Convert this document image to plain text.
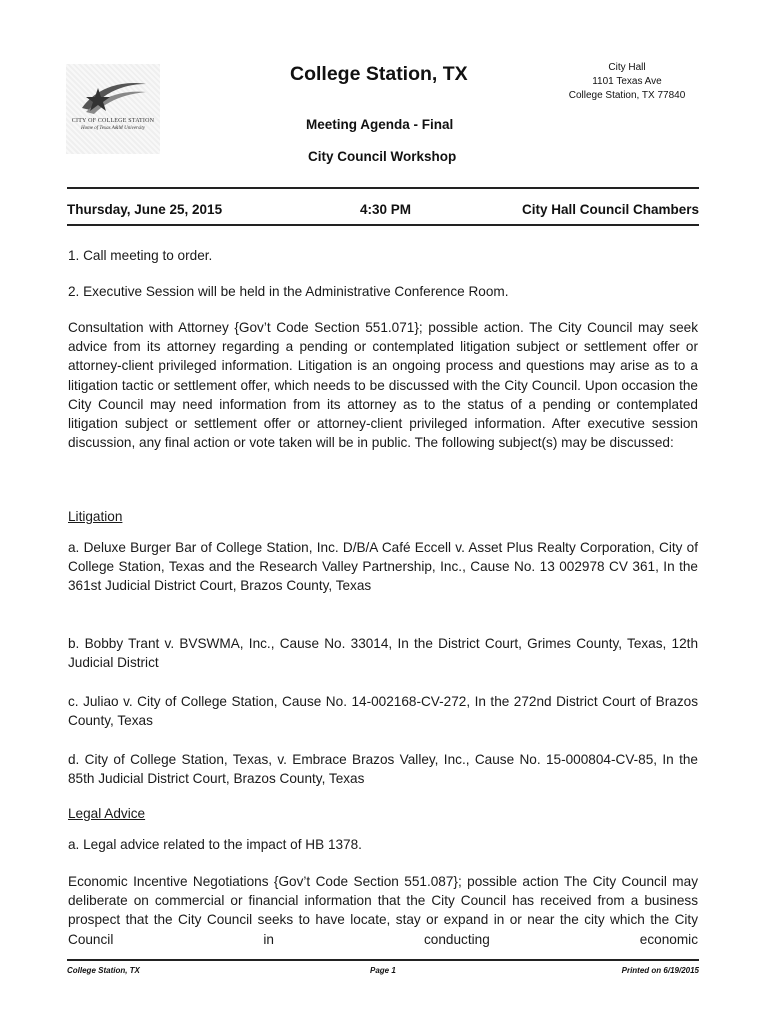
CITY OF COLLEGE STATION
Home of Texas A&M University
College Station, TX
Meeting Agenda - Final
City Council Workshop
City Hall
1101 Texas Ave
College Station, TX 77840
Thursday, June 25, 2015	4:30 PM	City Hall Council Chambers
1. Call meeting to order.
2. Executive Session will be held in the Administrative Conference Room.
Consultation with Attorney {Gov’t Code Section 551.071}; possible action. The City Council may seek advice from its attorney regarding a pending or contemplated litigation subject or settlement offer or attorney-client privileged information. Litigation is an ongoing process and questions may arise as to a litigation tactic or settlement offer, which needs to be discussed with the City Council. Upon occasion the City Council may need information from its attorney as to the status of a pending or contemplated litigation subject or settlement offer or attorney-client privileged information. After executive session discussion, any final action or vote taken will be in public. The following subject(s) may be discussed:
Litigation
a. Deluxe Burger Bar of College Station, Inc. D/B/A Café Eccell v. Asset Plus Realty Corporation, City of College Station, Texas and the Research Valley Partnership, Inc., Cause No. 13 002978 CV 361, In the 361st Judicial District Court, Brazos County, Texas
b. Bobby Trant v. BVSWMA, Inc., Cause No. 33014, In the District Court, Grimes County, Texas, 12th Judicial District
c. Juliao v. City of College Station, Cause No. 14-002168-CV-272, In the 272nd District Court of Brazos County, Texas
d. City of College Station, Texas, v. Embrace Brazos Valley, Inc., Cause No. 15-000804-CV-85, In the 85th Judicial District Court, Brazos County, Texas
Legal Advice
a. Legal advice related to the impact of HB 1378.
Economic Incentive Negotiations {Gov’t Code Section 551.087}; possible action The City Council may deliberate on commercial or financial information that the City Council has received from a business prospect that the City Council seeks to have locate, stay or expand in or near the city which the City Council in conducting economic
College Station, TX	Page 1	Printed on 6/19/2015
